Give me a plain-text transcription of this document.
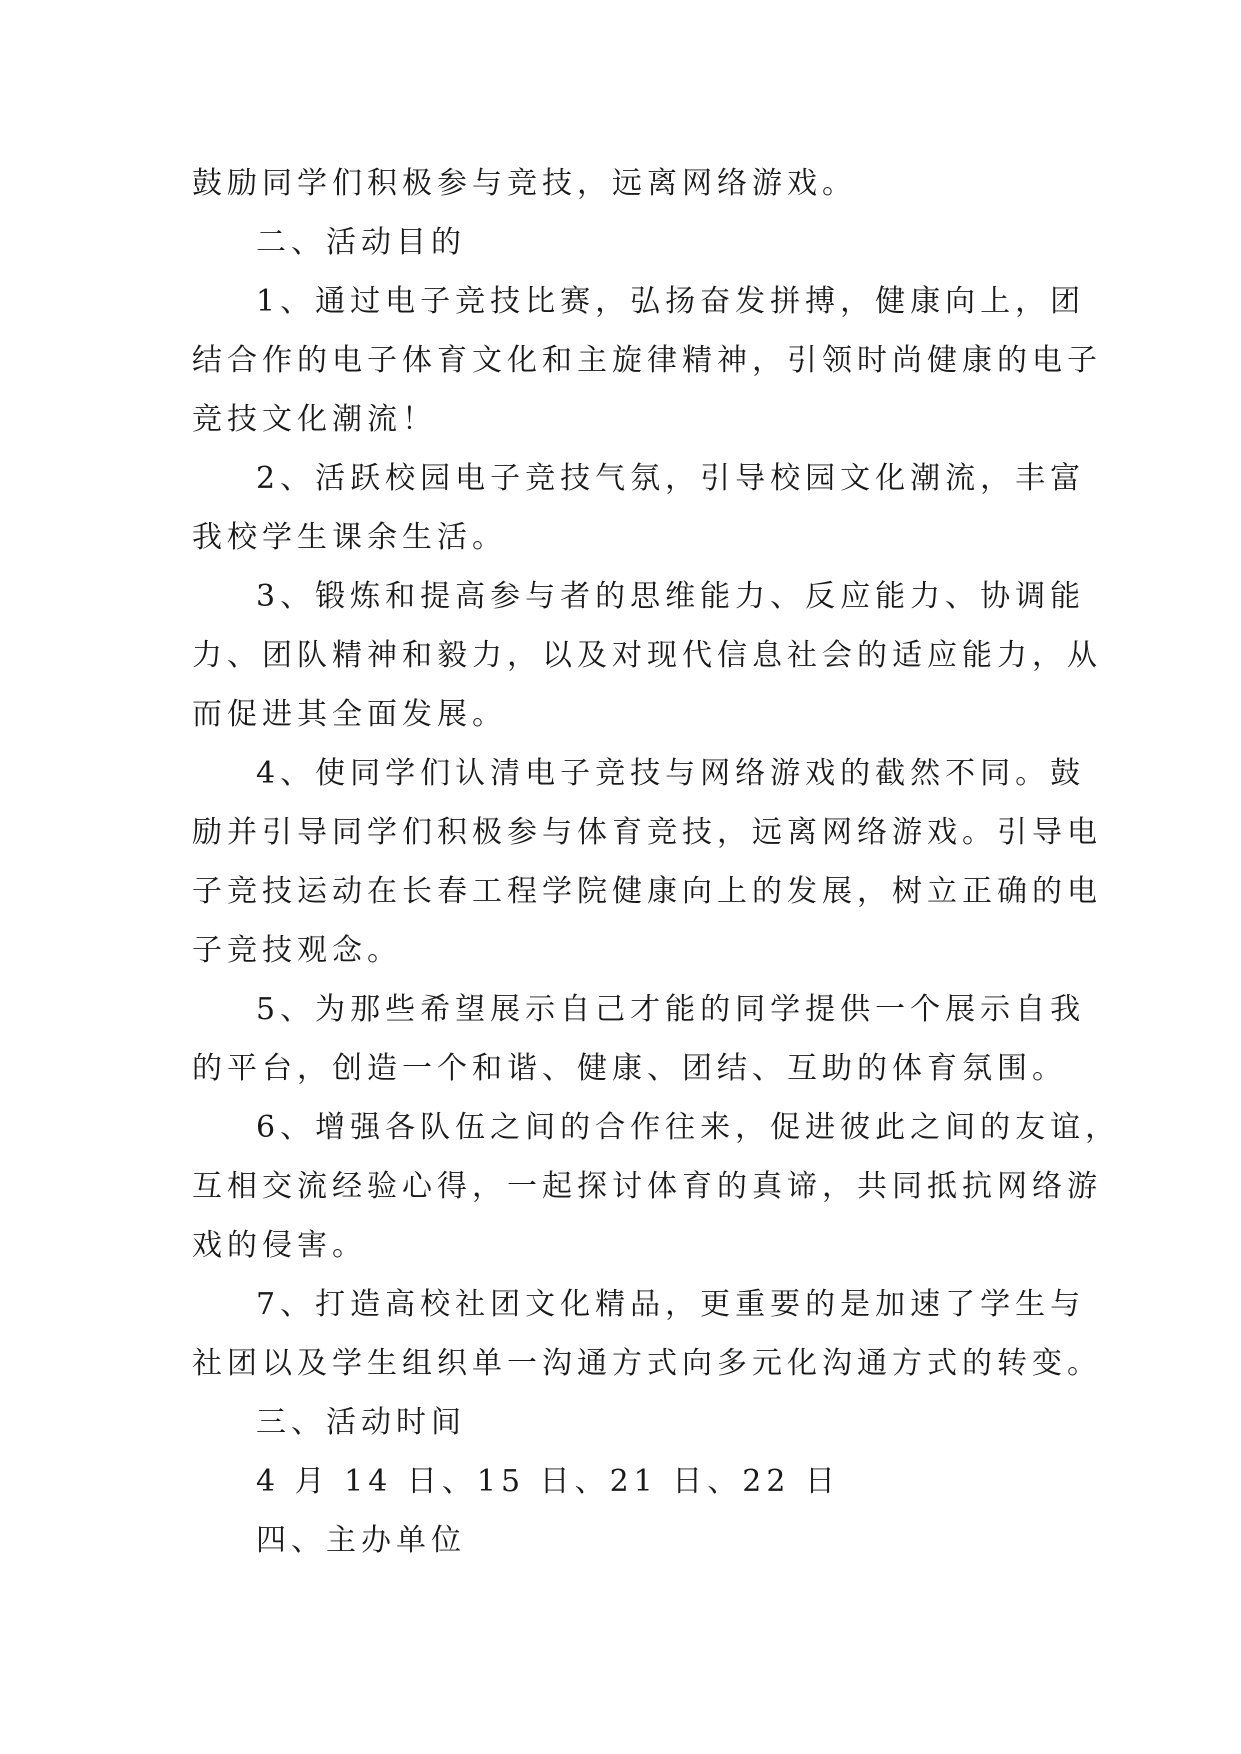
鼓励同学们积极参与竞技，远离网络游戏。
二、活动目的
1、通过电子竞技比赛，弘扬奋发拼搏，健康向上，团
结合作的电子体育文化和主旋律精神，引领时尚健康的电子
竞技文化潮流！
2、活跃校园电子竞技气氛，引导校园文化潮流，丰富
我校学生课余生活。
3、锻炼和提高参与者的思维能力、反应能力、协调能
力、团队精神和毅力，以及对现代信息社会的适应能力，从
而促进其全面发展。
4、使同学们认清电子竞技与网络游戏的截然不同。鼓
励并引导同学们积极参与体育竞技，远离网络游戏。引导电
子竞技运动在长春工程学院健康向上的发展，树立正确的电
子竞技观念。
5、为那些希望展示自己才能的同学提供一个展示自我
的平台，创造一个和谐、健康、团结、互助的体育氛围。
6、增强各队伍之间的合作往来，促进彼此之间的友谊，
互相交流经验心得，一起探讨体育的真谛，共同抵抗网络游
戏的侵害。
7、打造高校社团文化精品，更重要的是加速了学生与
社团以及学生组织单一沟通方式向多元化沟通方式的转变。
三、活动时间
4 月 14 日、15 日、21 日、22 日
四、主办单位
